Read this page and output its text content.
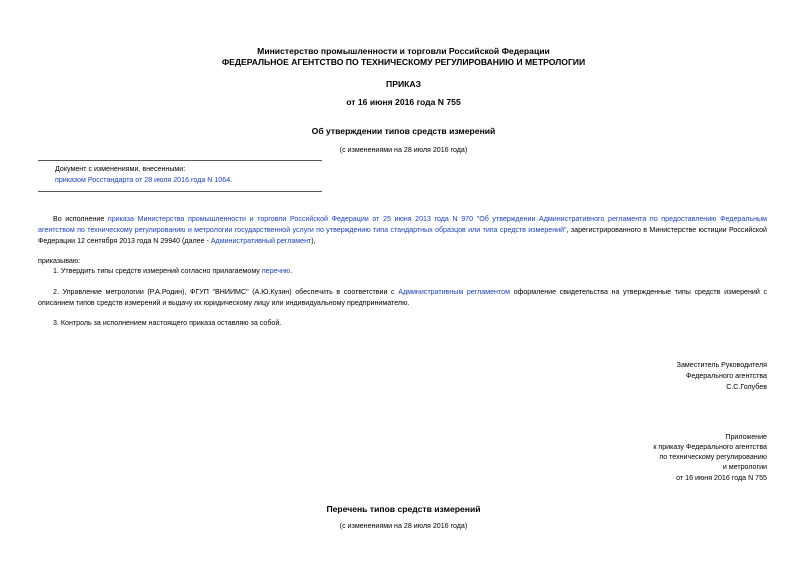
Министерство промышленности и торговли Российской Федерации
ФЕДЕРАЛЬНОЕ АГЕНТСТВО ПО ТЕХНИЧЕСКОМУ РЕГУЛИРОВАНИЮ И МЕТРОЛОГИИ
ПРИКАЗ
от 16 июня 2016 года N 755
Об утверждении типов средств измерений
(с изменениями на 28 июля 2016 года)
Документ с изменениями, внесенными:
приказом Росстандарта от 28 июля 2016 года N 1064.
Во исполнение приказа Министерства промышленности и торговли Российской Федерации от 25 июня 2013 года N 970 "Об утверждении Административного регламента по предоставлению Федеральным агентством по техническому регулированию и метрологии государственной услуги по утверждению типа стандартных образцов или типа средств измерений", зарегистрированного в Министерстве юстиции Российской Федерации 12 сентября 2013 года N 29940 (далее - Административный регламент),
приказываю:
1. Утвердить типы средств измерений согласно прилагаемому перечню.
2. Управление метрологии (Р.А.Родин), ФГУП "ВНИИМС" (А.Ю.Кузин) обеспечить в соответствии с Административным регламентом оформление свидетельства на утвержденные типы средств измерений с описанием типов средств измерений и выдачу их юридическому лицу или индивидуальному предпринимателю.
3. Контроль за исполнением настоящего приказа оставляю за собой.
Заместитель Руководителя
Федерального агентства
С.С.Голубев
Приложение
к приказу Федерального агентства
по техническому регулированию
и метрологии
от 16 июня 2016 года N 755
Перечень типов средств измерений
(с изменениями на 28 июля 2016 года)
